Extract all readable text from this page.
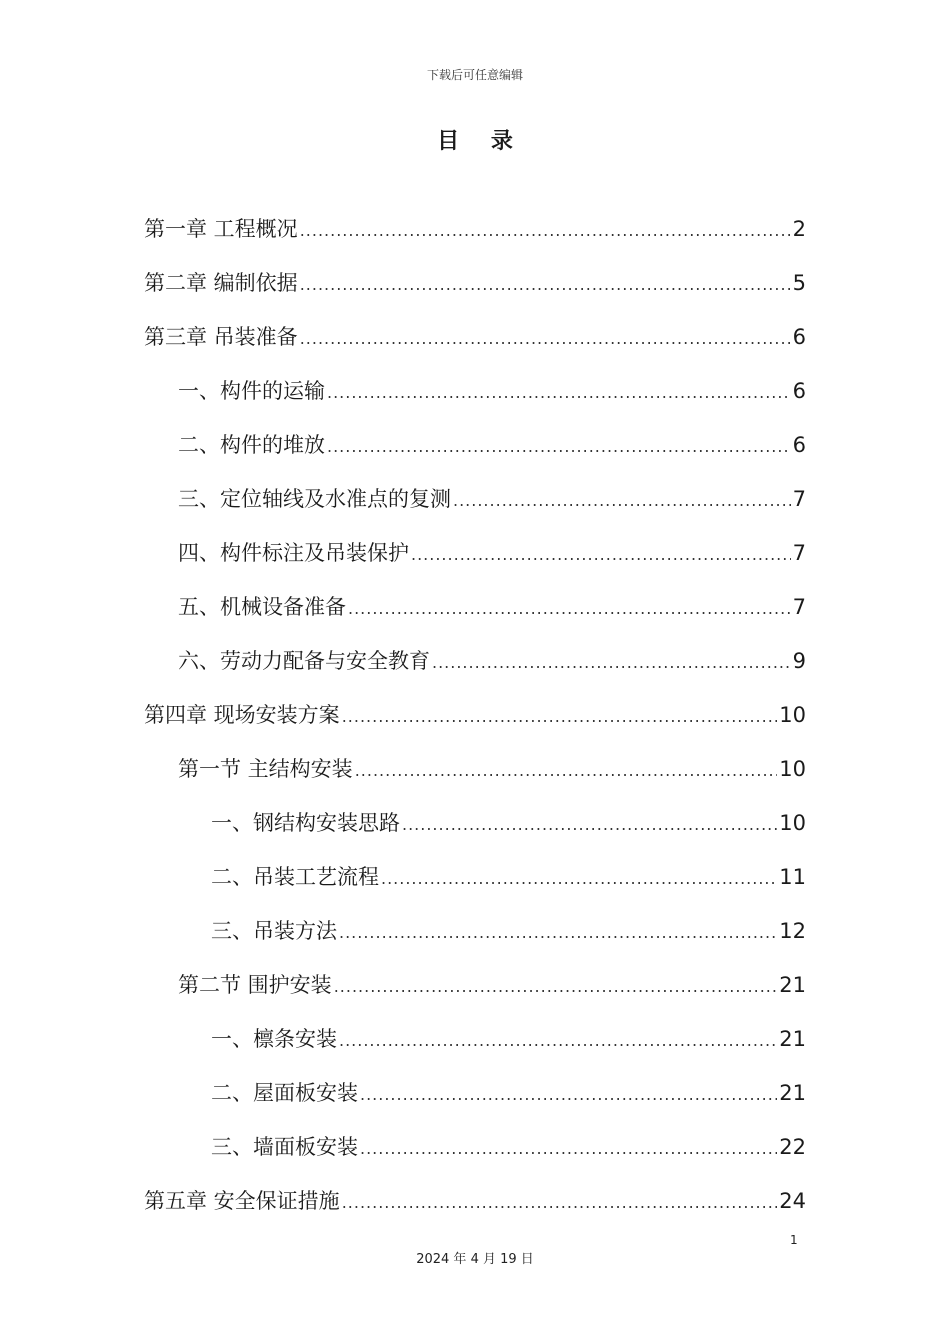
下载后可任意编辑
目 录
第一章 工程概况 .....	2
第二章 编制依据 .....	5
第三章 吊装准备 .....	6
一、构件的运输 .....	6
二、构件的堆放 .....	6
三、定位轴线及水准点的复测 .....	7
四、构件标注及吊装保护 .....	7
五、机械设备准备 .....	7
六、劳动力配备与安全教育 .....	9
第四章 现场安装方案 .....	10
第一节 主结构安装 .....	10
一、钢结构安装思路 .....	10
二、吊装工艺流程 .....	11
三、吊装方法 .....	12
第二节 围护安装 .....	21
一、檩条安装 .....	21
二、屋面板安装 .....	21
三、墙面板安装 .....	22
第五章 安全保证措施 .....	24
1
2024 年 4 月 19 日
